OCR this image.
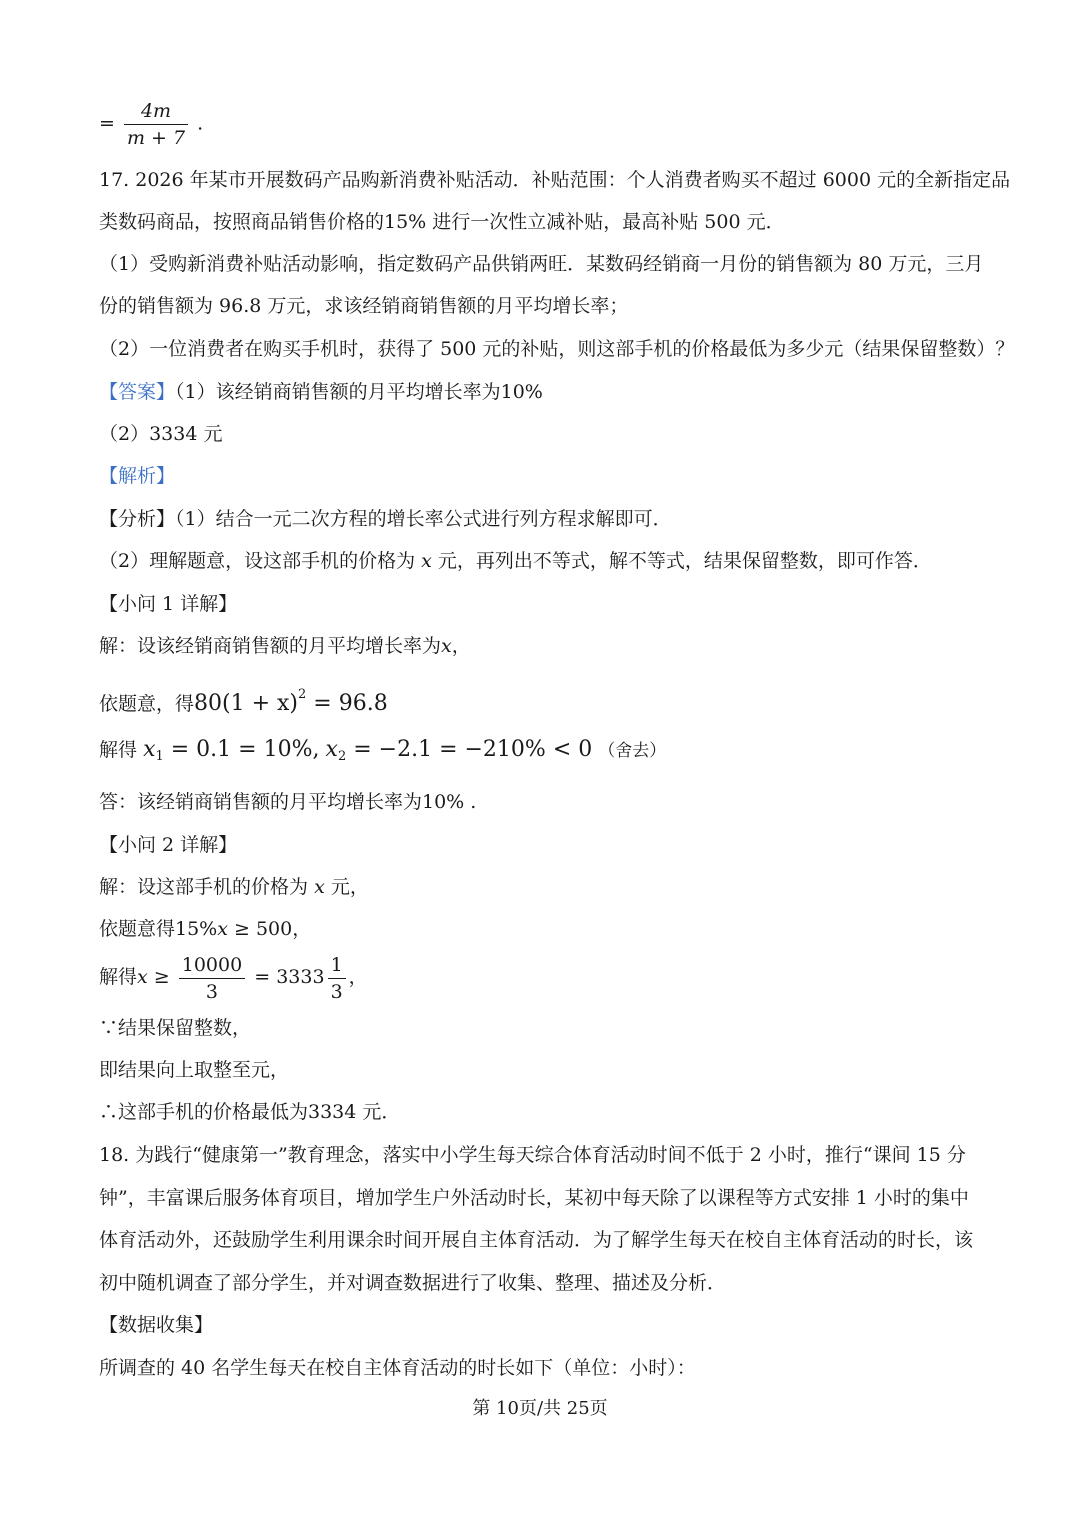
= $\frac{4m}{m + 7}$ .
17. 2026 年某市开展数码产品购新消费补贴活动．补贴范围：个人消费者购买不超过 6000 元的全新指定品
类数码商品，按照商品销售价格的15% 进行一次性立减补贴，最高补贴 500 元．
（1）受购新消费补贴活动影响，指定数码产品供销两旺．某数码经销商一月份的销售额为 80 万元，三月
份的销售额为 96.8 万元，求该经销商销售额的月平均增长率；
（2）一位消费者在购买手机时，获得了 500 元的补贴，则这部手机的价格最低为多少元（结果保留整数）？
【答案】（1）该经销商销售额的月平均增长率为10%
（2）3334 元
【解析】
【分析】（1）结合一元二次方程的增长率公式进行列方程求解即可．
（2）理解题意，设这部手机的价格为 x 元，再列出不等式，解不等式，结果保留整数，即可作答．
【小问 1 详解】
解：设该经销商销售额的月平均增长率为x，
依题意，得$80(1 + x)^2 = 96.8$
解得 $x_1 = 0.1 = 10\%$, $x_2 = -2.1 = -210\% < 0$ （舍去）
答：该经销商销售额的月平均增长率为10% .
【小问 2 详解】
解：设这部手机的价格为 x 元，
依题意得15%x ≥ 500，
解得$x \ge \frac{10000}{3} = 3333 \frac{1}{3}$ ，
∵结果保留整数，
即结果向上取整至元，
∴这部手机的价格最低为3334 元．
18. 为践行“健康第一”教育理念，落实中小学生每天综合体育活动时间不低于 2 小时，推行“课间 15 分
钟”，丰富课后服务体育项目，增加学生户外活动时长，某初中每天除了以课程等方式安排 1 小时的集中
体育活动外，还鼓励学生利用课余时间开展自主体育活动．为了解学生每天在校自主体育活动的时长，该
初中随机调查了部分学生，并对调查数据进行了收集、整理、描述及分析．
【数据收集】
所调查的 40 名学生每天在校自主体育活动的时长如下（单位：小时）：
第 10页/共 25页
